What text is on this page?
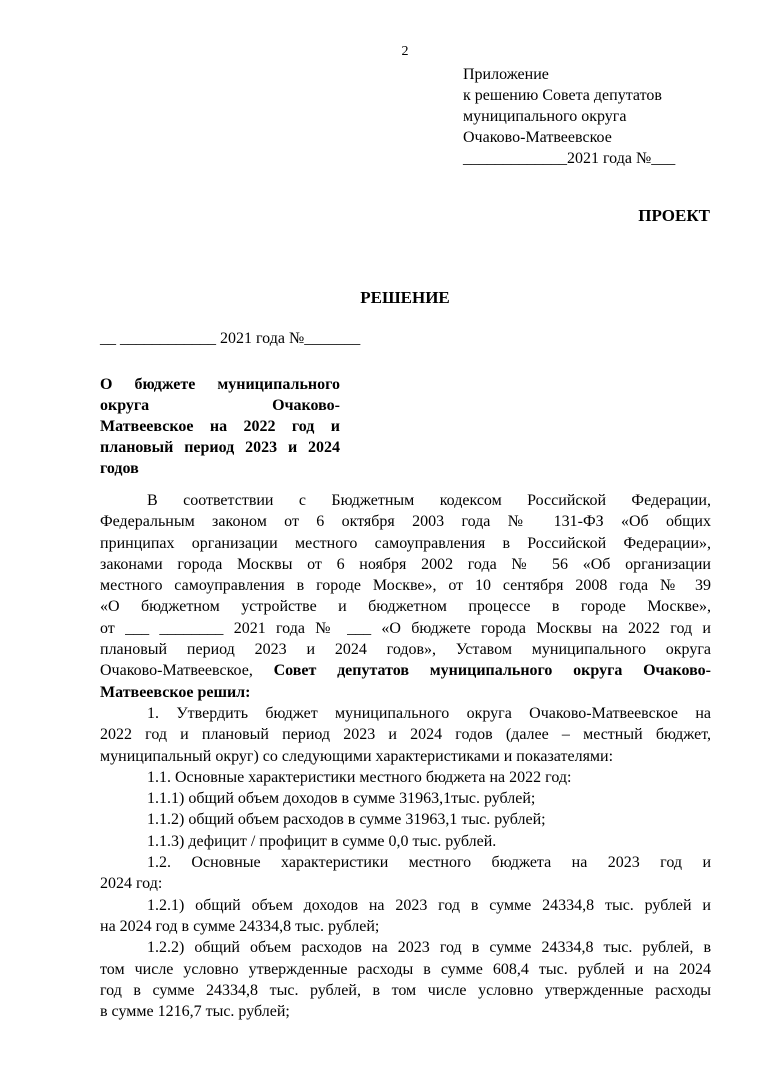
2
Приложение
к решению Совета депутатов
муниципального округа
Очаково-Матвеевское
_____________2021 года №___
ПРОЕКТ
РЕШЕНИЕ
__ ____________ 2021 года №_______
О бюджете муниципального
округа Очаково-
Матвеевское на 2022 год и
плановый период 2023 и 2024
годов
В соответствии с Бюджетным кодексом Российской Федерации,
Федеральным законом от 6 октября 2003 года № 131-ФЗ «Об общих
принципах организации местного самоуправления в Российской Федерации»,
законами города Москвы от 6 ноября 2002 года № 56 «Об организации
местного самоуправления в городе Москве», от 10 сентября 2008 года № 39
«О бюджетном устройстве и бюджетном процессе в городе Москве»,
от ___ ________ 2021 года № ___ «О бюджете города Москвы на 2022 год и
плановый период 2023 и 2024 годов», Уставом муниципального округа
Очаково-Матвеевское, Совет депутатов муниципального округа Очаково-
Матвеевское решил:
1. Утвердить бюджет муниципального округа Очаково-Матвеевское на
2022 год и плановый период 2023 и 2024 годов (далее – местный бюджет,
муниципальный округ) со следующими характеристиками и показателями:
1.1. Основные характеристики местного бюджета на 2022 год:
1.1.1) общий объем доходов в сумме 31963,1тыс. рублей;
1.1.2) общий объем расходов в сумме 31963,1 тыс. рублей;
1.1.3) дефицит / профицит в сумме 0,0 тыс. рублей.
1.2. Основные характеристики местного бюджета на 2023 год и
2024 год:
1.2.1) общий объем доходов на 2023 год в сумме 24334,8 тыс. рублей и
на 2024 год в сумме 24334,8 тыс. рублей;
1.2.2) общий объем расходов на 2023 год в сумме 24334,8 тыс. рублей, в
том числе условно утвержденные расходы в сумме 608,4 тыс. рублей и на 2024
год в сумме 24334,8 тыс. рублей, в том числе условно утвержденные расходы
в сумме 1216,7 тыс. рублей;
